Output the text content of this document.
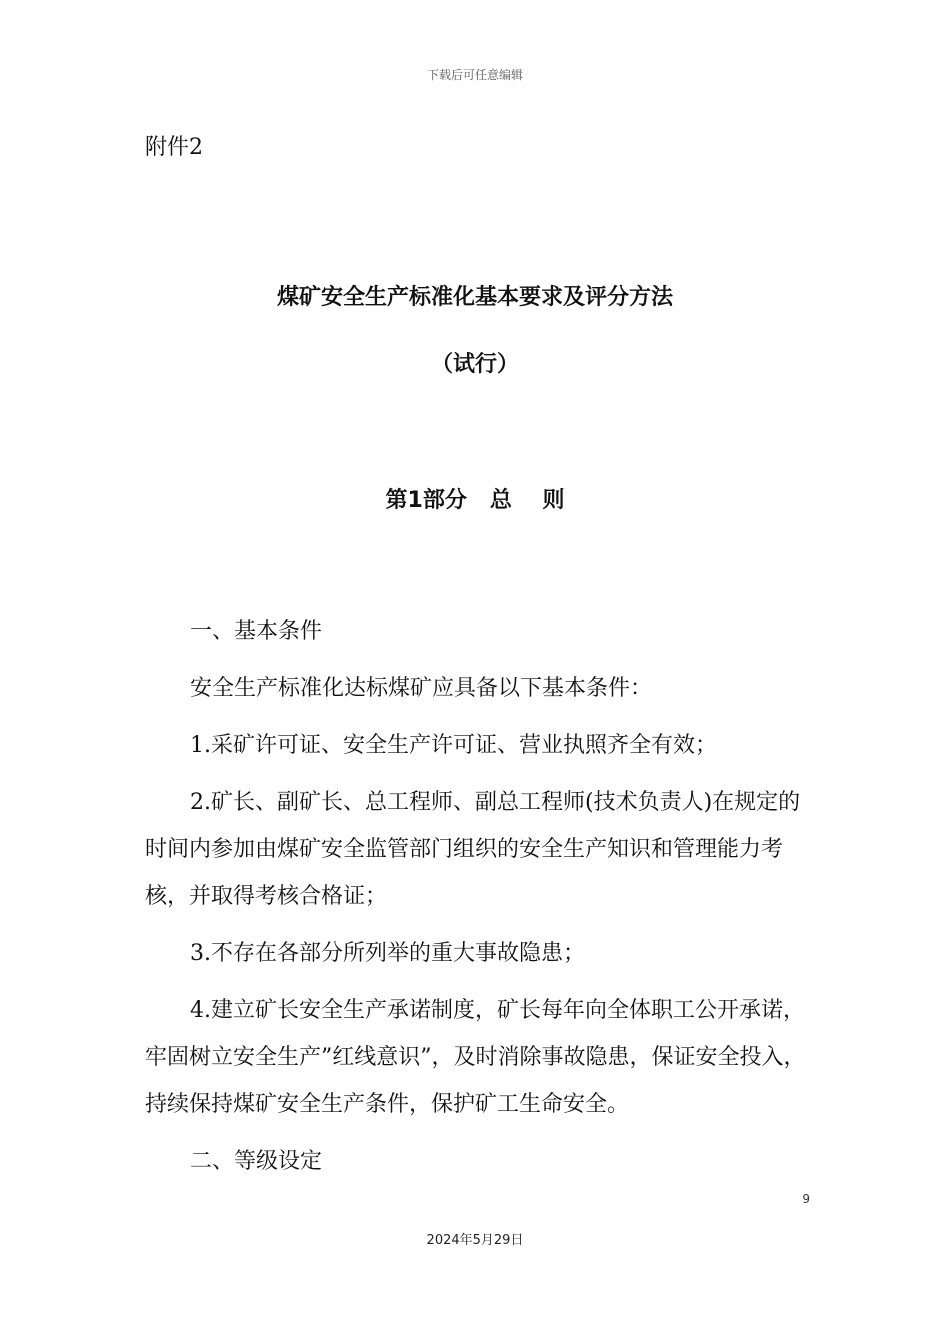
下载后可任意编辑
附件2
煤矿安全生产标准化基本要求及评分方法
（试行）
第1部分   总    则

一、基本条件

安全生产标准化达标煤矿应具备以下基本条件：

1.采矿许可证、安全生产许可证、营业执照齐全有效；

2.矿长、副矿长、总工程师、副总工程师(技术负责人)在规定的时间内参加由煤矿安全监管部门组织的安全生产知识和管理能力考核，并取得考核合格证；

3.不存在各部分所列举的重大事故隐患；

4.建立矿长安全生产承诺制度，矿长每年向全体职工公开承诺，牢固树立安全生产”红线意识”，及时消除事故隐患，保证安全投入，持续保持煤矿安全生产条件，保护矿工生命安全。

二、等级设定

9
2024年5月29日
